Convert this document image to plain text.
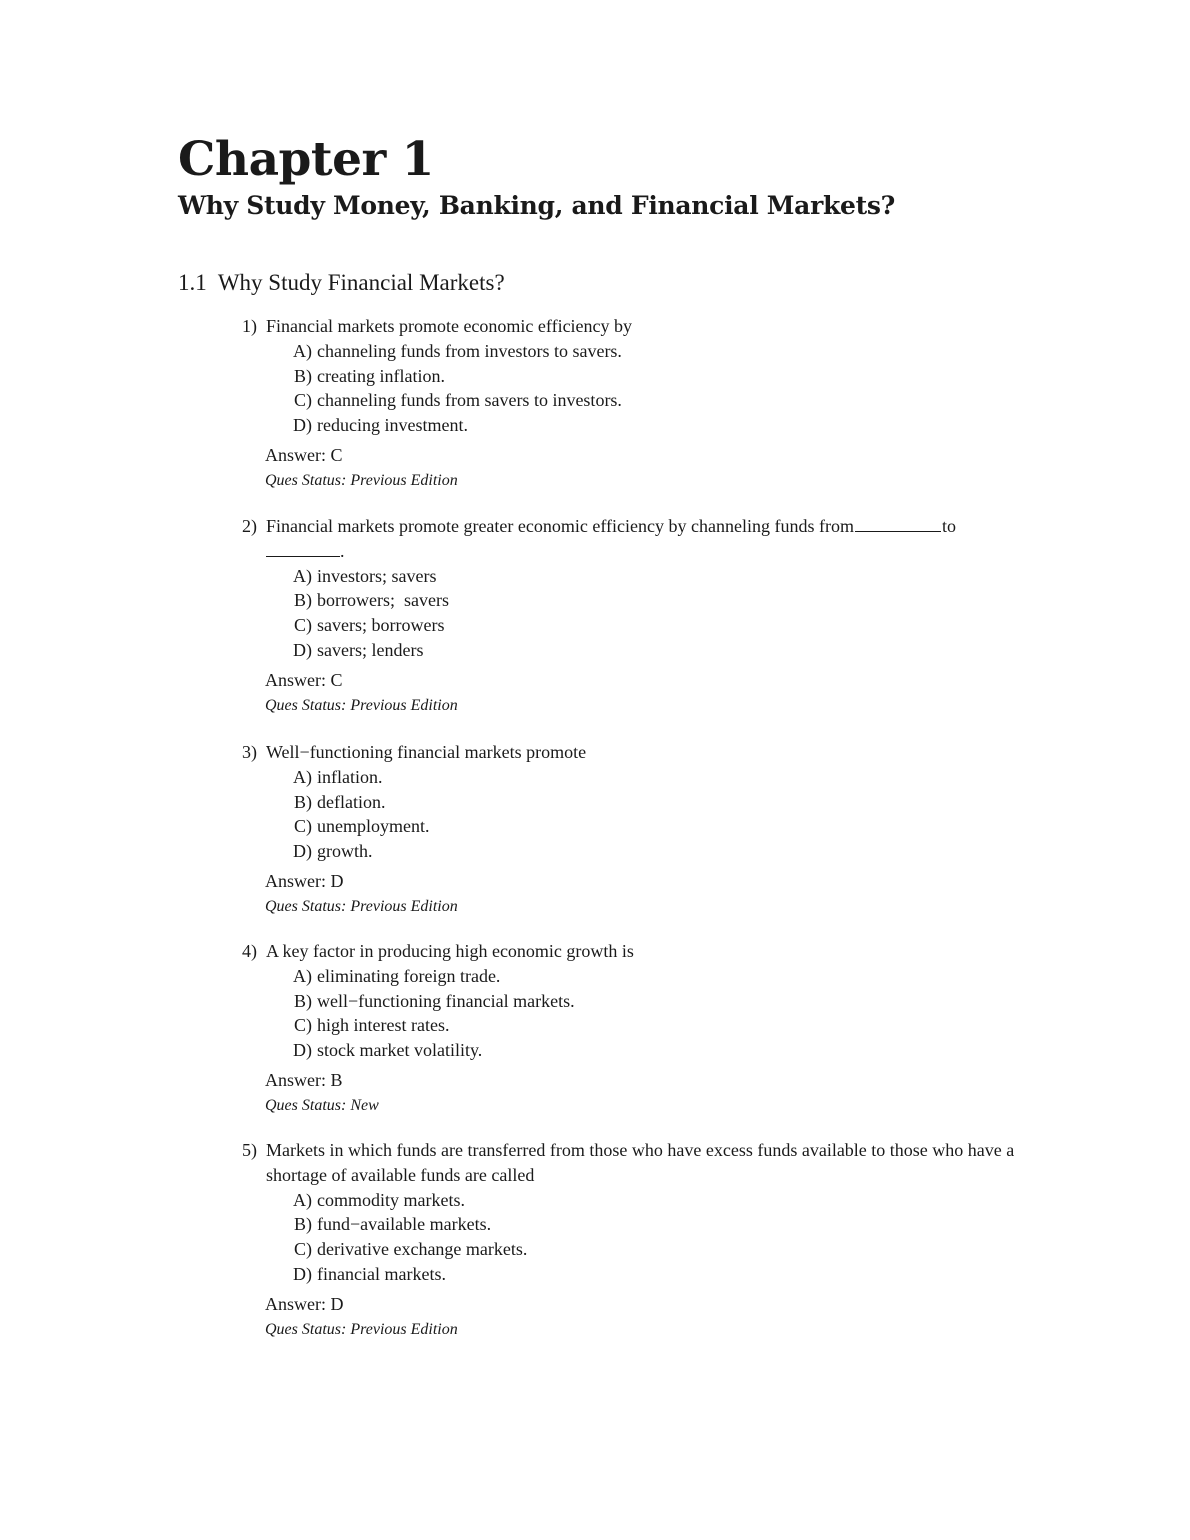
Chapter 1
Why Study Money, Banking, and Financial Markets?
1.1 Why Study Financial Markets?
1) Financial markets promote economic efficiency by
A) channeling funds from investors to savers.
B) creating inflation.
C) channeling funds from savers to investors.
D) reducing investment.
Answer: C
Ques Status: Previous Edition
2) Financial markets promote greater economic efficiency by channeling funds from	to
.
A) investors; savers
B) borrowers;  savers
C) savers; borrowers
D) savers; lenders
Answer: C
Ques Status: Previous Edition
3) Well−functioning financial markets promote
A) inflation.
B) deflation.
C) unemployment.
D) growth.
Answer: D
Ques Status: Previous Edition
4) A key factor in producing high economic growth is
A) eliminating foreign trade.
B) well−functioning financial markets.
C) high interest rates.
D) stock market volatility.
Answer: B
Ques Status: New
5) Markets in which funds are transferred from those who have excess funds available to those who have a shortage of available funds are called
A) commodity markets.
B) fund−available markets.
C) derivative exchange markets.
D) financial markets.
Answer: D
Ques Status: Previous Edition
